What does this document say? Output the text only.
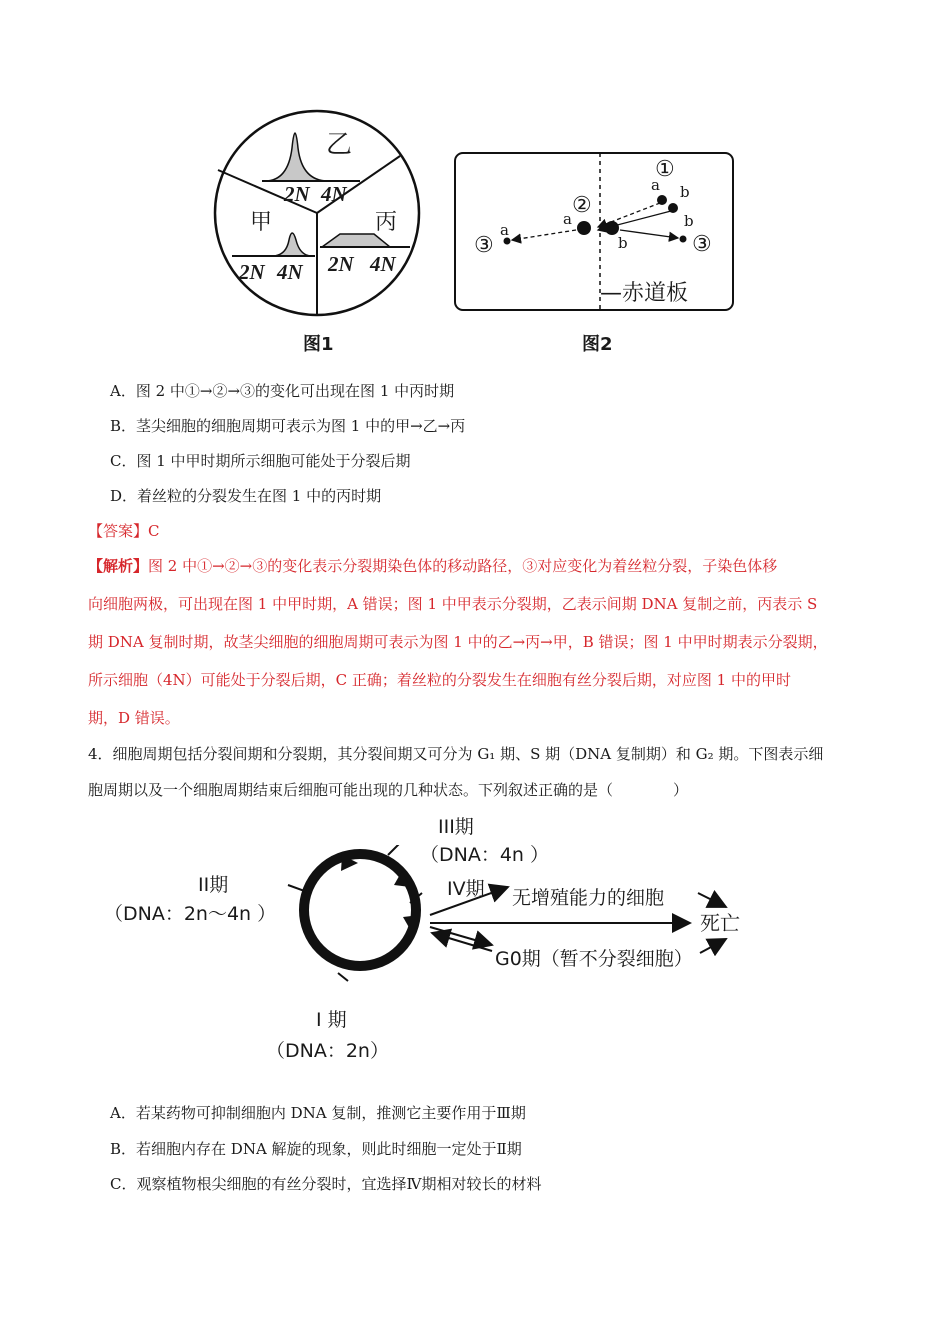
乙
2N 4N
甲
2N 4N
丙
2N 4N
图1
①
a b
②
a	b
a
b
③	③
—赤道板
图2
A．图 2 中①→②→③的变化可出现在图 1 中丙时期
B．茎尖细胞的细胞周期可表示为图 1 中的甲→乙→丙
C．图 1 中甲时期所示细胞可能处于分裂后期
D．着丝粒的分裂发生在图 1 中的丙时期
【答案】C
【解析】图 2 中①→②→③的变化表示分裂期染色体的移动路径，③对应变化为着丝粒分裂，子染色体移
向细胞两极，可出现在图 1 中甲时期，A 错误；图 1 中甲表示分裂期，乙表示间期 DNA 复制之前，丙表示 S
期 DNA 复制时期，故茎尖细胞的细胞周期可表示为图 1 中的乙→丙→甲，B 错误；图 1 中甲时期表示分裂期，
所示细胞（4N）可能处于分裂后期，C 正确；着丝粒的分裂发生在细胞有丝分裂后期，对应图 1 中的甲时
期，D 错误。
4．细胞周期包括分裂间期和分裂期，其分裂间期又可分为 G₁ 期、S 期（DNA 复制期）和 G₂ 期。下图表示细
胞周期以及一个细胞周期结束后细胞可能出现的几种状态。下列叙述正确的是（　　　　）
III期
（DNA：4n ）
II期
（DNA：2n～4n ）
IV期 无增殖能力的细胞
死亡
G0期（暂不分裂细胞）
I 期
（DNA：2n）
A．若某药物可抑制细胞内 DNA 复制，推测它主要作用于Ⅲ期
B．若细胞内存在 DNA 解旋的现象，则此时细胞一定处于Ⅱ期
C．观察植物根尖细胞的有丝分裂时，宜选择Ⅳ期相对较长的材料
